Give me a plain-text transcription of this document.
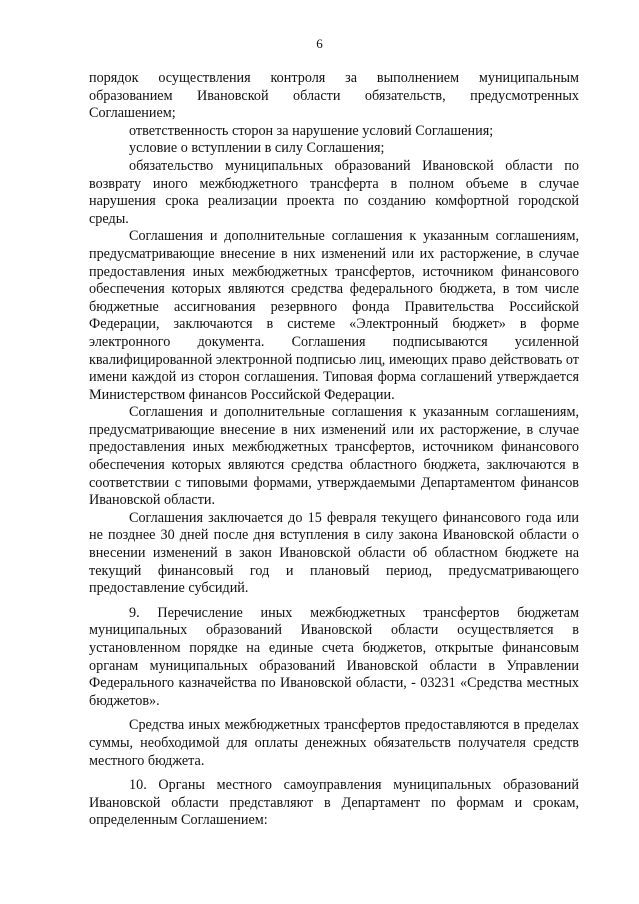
6

порядок осуществления контроля за выполнением муниципальным образованием Ивановской области обязательств, предусмотренных Соглашением;

ответственность сторон за нарушение условий Соглашения;

условие о вступлении в силу Соглашения;

обязательство муниципальных образований Ивановской области по возврату иного межбюджетного трансферта в полном объеме в случае нарушения срока реализации проекта по созданию комфортной городской среды.

Соглашения и дополнительные соглашения к указанным соглашениям, предусматривающие внесение в них изменений или их расторжение, в случае предоставления иных межбюджетных трансфертов, источником финансового обеспечения которых являются средства федерального бюджета, в том числе бюджетные ассигнования резервного фонда Правительства Российской Федерации, заключаются в системе «Электронный бюджет» в форме электронного документа. Соглашения подписываются усиленной квалифицированной электронной подписью лиц, имеющих право действовать от имени каждой из сторон соглашения. Типовая форма соглашений утверждается Министерством финансов Российской Федерации.

Соглашения и дополнительные соглашения к указанным соглашениям, предусматривающие внесение в них изменений или их расторжение, в случае предоставления иных межбюджетных трансфертов, источником финансового обеспечения которых являются средства областного бюджета, заключаются в соответствии с типовыми формами, утверждаемыми Департаментом финансов Ивановской области.

Соглашения заключается до 15 февраля текущего финансового года или не позднее 30 дней после дня вступления в силу закона Ивановской области о внесении изменений в закон Ивановской области об областном бюджете на текущий финансовый год и плановый период, предусматривающего предоставление субсидий.

9. Перечисление иных межбюджетных трансфертов бюджетам муниципальных образований Ивановской области осуществляется в установленном порядке на единые счета бюджетов, открытые финансовым органам муниципальных образований Ивановской области в Управлении Федерального казначейства по Ивановской области, - 03231 «Средства местных бюджетов».

Средства иных межбюджетных трансфертов предоставляются в пределах суммы, необходимой для оплаты денежных обязательств получателя средств местного бюджета.

10. Органы местного самоуправления муниципальных образований Ивановской области представляют в Департамент по формам и срокам, определенным Соглашением:
